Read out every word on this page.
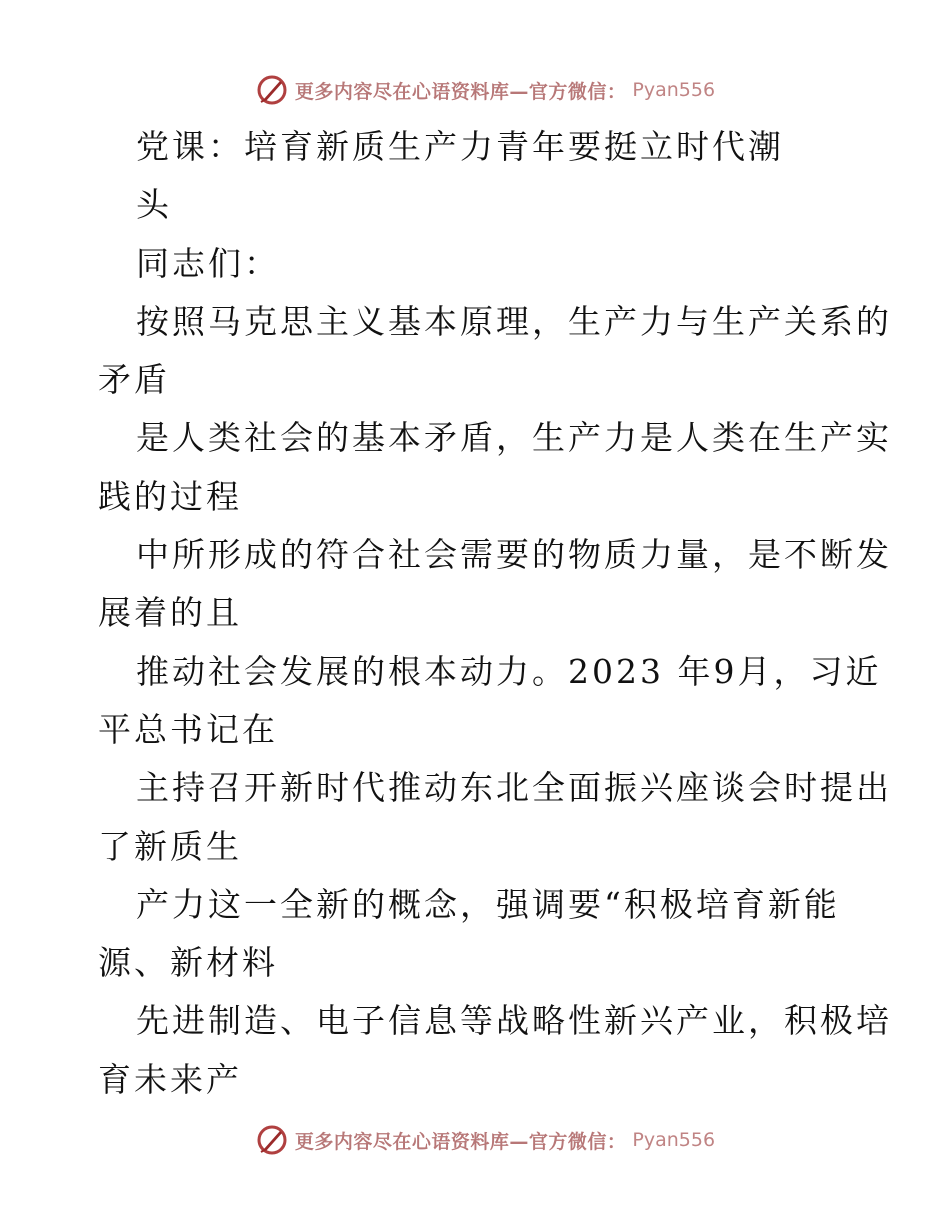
更多内容尽在心语资料库—官方微信： Pyan556
党课：培育新质生产力青年要挺立时代潮
头
同志们：
按照马克思主义基本原理，生产力与生产关系的
矛盾
是人类社会的基本矛盾，生产力是人类在生产实
践的过程
中所形成的符合社会需要的物质力量，是不断发
展着的且
推动社会发展的根本动力。2023 年9月，习近
平总书记在
主持召开新时代推动东北全面振兴座谈会时提出
了新质生
产力这一全新的概念，强调要“积极培育新能
源、新材料
先进制造、电子信息等战略性新兴产业，积极培
育未来产
更多内容尽在心语资料库—官方微信： Pyan556
